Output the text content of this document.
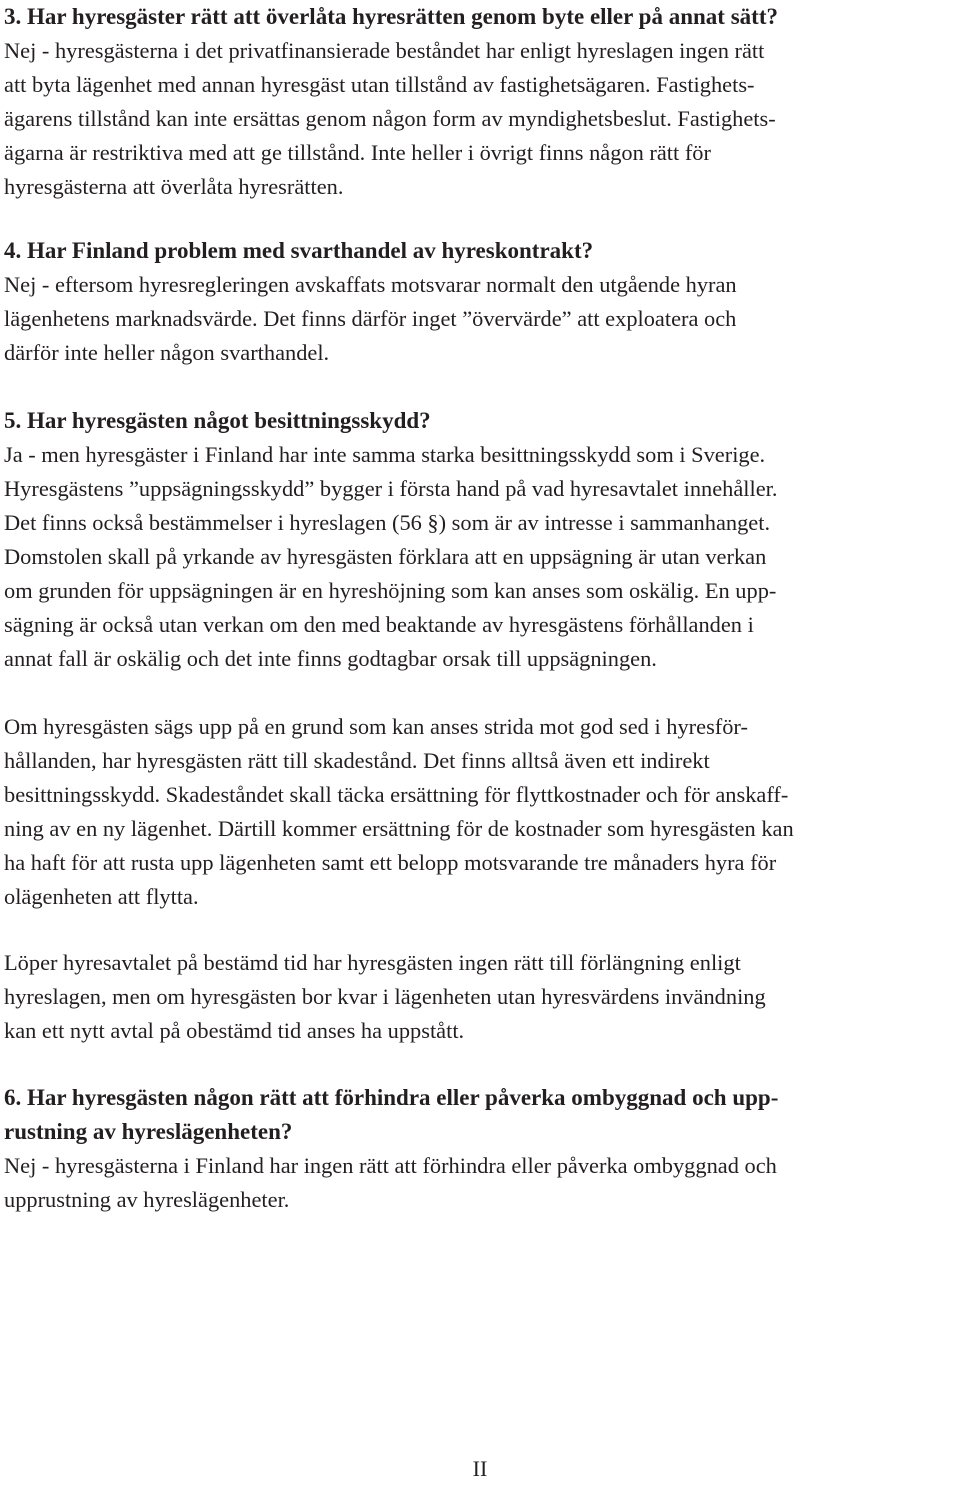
3. Har hyresgäster rätt att överlåta hyresrätten genom byte eller på annat sätt?
Nej - hyresgästerna i det privatfinansierade beståndet har enligt hyreslagen ingen rätt
att byta lägenhet med annan hyresgäst utan tillstånd av fastighetsägaren. Fastighets-
ägarens tillstånd kan inte ersättas genom någon form av myndighetsbeslut. Fastighets-
ägarna är restriktiva med att ge tillstånd. Inte heller i övrigt finns någon rätt för
hyresgästerna att överlåta hyresrätten.
4. Har Finland problem med svarthandel av hyreskontrakt?
Nej - eftersom hyresregleringen avskaffats motsvarar normalt den utgående hyran
lägenhetens marknadsvärde. Det finns därför inget ”övervärde” att exploatera och
därför inte heller någon svarthandel.
5. Har hyresgästen något besittningsskydd?
Ja - men hyresgäster i Finland har inte samma starka besittningsskydd som i Sverige.
Hyresgästens ”uppsägningsskydd” bygger i första hand på vad hyresavtalet innehåller.
Det finns också bestämmelser i hyreslagen (56 §) som är av intresse i sammanhanget.
Domstolen skall på yrkande av hyresgästen förklara att en uppsägning är utan verkan
om grunden för uppsägningen är en hyreshöjning som kan anses som oskälig. En upp-
sägning är också utan verkan om den med beaktande av hyresgästens förhållanden i
annat fall är oskälig och det inte finns godtagbar orsak till uppsägningen.
Om hyresgästen sägs upp på en grund som kan anses strida mot god sed i hyresför-
hållanden, har hyresgästen rätt till skadestånd. Det finns alltså även ett indirekt
besittningsskydd. Skadeståndet skall täcka ersättning för flyttkostnader och för anskaff-
ning av en ny lägenhet. Därtill kommer ersättning för de kostnader som hyresgästen kan
ha haft för att rusta upp lägenheten samt ett belopp motsvarande tre månaders hyra för
olägenheten att flytta.
Löper hyresavtalet på bestämd tid har hyresgästen ingen rätt till förlängning enligt
hyreslagen, men om hyresgästen bor kvar i lägenheten utan hyresvärdens invändning
kan ett nytt avtal på obestämd tid anses ha uppstått.
6. Har hyresgästen någon rätt att förhindra eller påverka ombyggnad och upp-
rustning av hyreslägenheten?
Nej - hyresgästerna i Finland har ingen rätt att förhindra eller påverka ombyggnad och
upprustning av hyreslägenheter.
II
